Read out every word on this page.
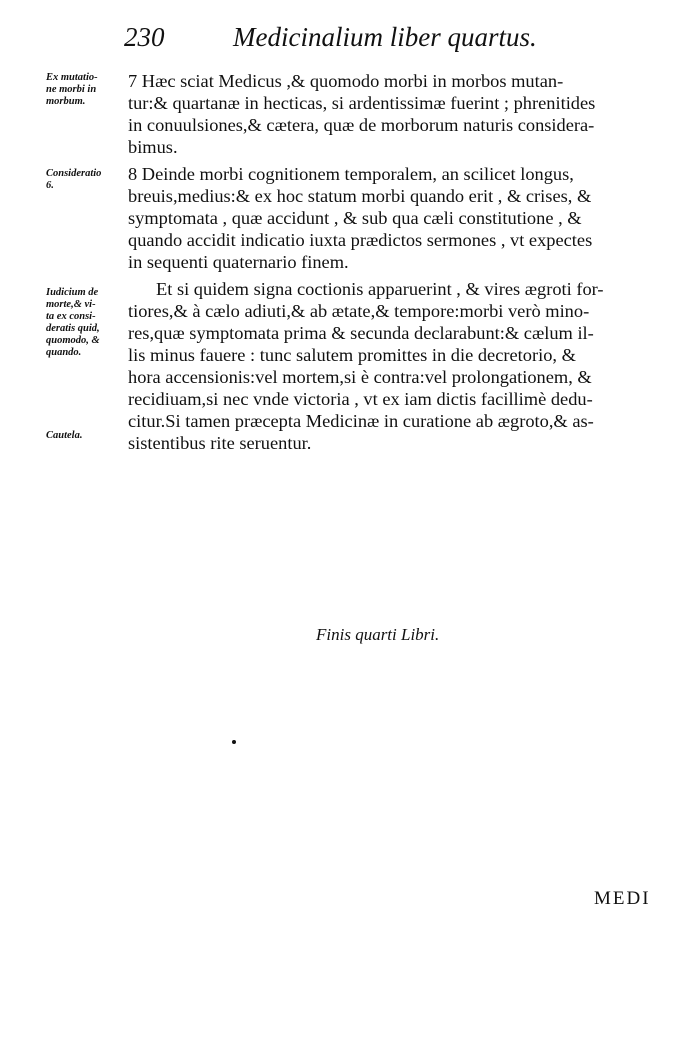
230	Medicinalium liber quartus.
Ex mutatio-
ne morbi in
morbum.
Consideratio
6.
Iudicium de
morte,& vi-
ta ex consi-
deratis quid,
quomodo, &
quando.
Cautela.
7 Hæc sciat Medicus ,& quomodo morbi in morbos mutan-
tur:& quartanæ in hecticas, si ardentissimæ fuerint ; phrenitides
in conuulsiones,& cætera, quæ de morborum naturis considera-
bimus.
8 Deinde morbi cognitionem temporalem, an scilicet longus,
breuis,medius:& ex hoc statum morbi quando erit , & crises, &
symptomata , quæ accidunt , & sub qua cæli constitutione , &
quando accidit indicatio iuxta prædictos sermones , vt expectes
in sequenti quaternario finem.
Et si quidem signa coctionis apparuerint , & vires ægroti for-
tiores,& à cælo adiuti,& ab ætate,& tempore:morbi verò mino-
res,quæ symptomata prima & secunda declarabunt:& cælum il-
lis minus fauere : tunc salutem promittes in die decretorio, &
hora accensionis:vel mortem,si è contra:vel prolongationem, &
recidiuam,si nec vnde victoria , vt ex iam dictis facillimè dedu-
citur.Si tamen præcepta Medicinæ in curatione ab ægroto,& as-
sistentibus rite seruentur.
Finis quarti Libri.
MEDI
